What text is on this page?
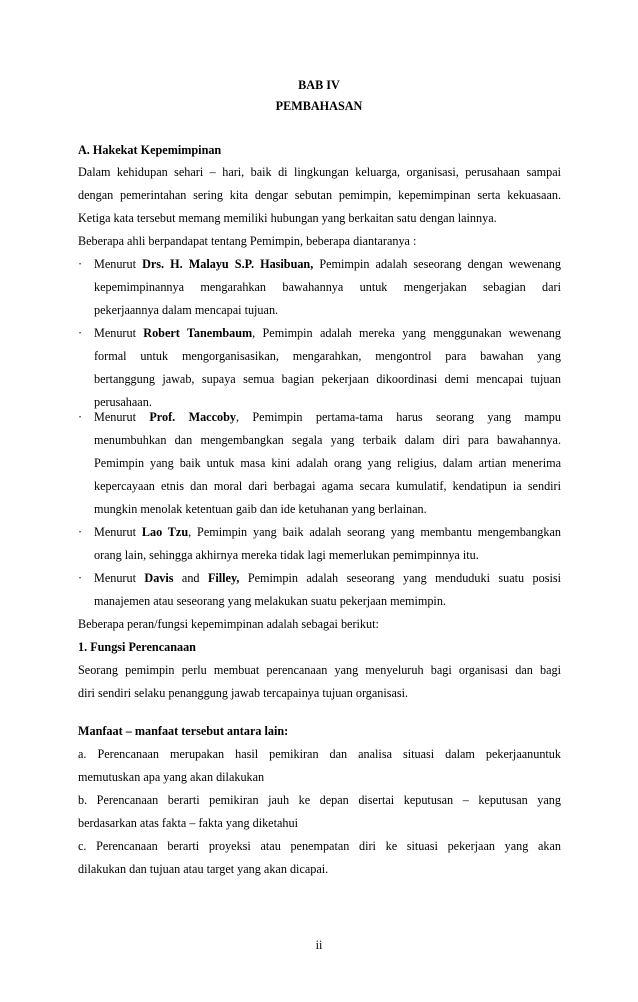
BAB IV
PEMBAHASAN
A. Hakekat Kepemimpinan
Dalam kehidupan sehari – hari, baik di lingkungan keluarga, organisasi, perusahaan sampai
dengan pemerintahan sering kita dengar sebutan pemimpin, kepemimpinan serta kekuasaan.
Ketiga kata tersebut memang memiliki hubungan yang berkaitan satu dengan lainnya.
Beberapa ahli berpandapat tentang Pemimpin, beberapa diantaranya :
· Menurut Drs. H. Malayu S.P. Hasibuan, Pemimpin adalah seseorang dengan wewenang
kepemimpinannya mengarahkan bawahannya untuk mengerjakan sebagian dari
pekerjaannya dalam mencapai tujuan.
· Menurut Robert Tanembaum, Pemimpin adalah mereka yang menggunakan wewenang
formal untuk mengorganisasikan, mengarahkan, mengontrol para bawahan yang
bertanggung jawab, supaya semua bagian pekerjaan dikoordinasi demi mencapai tujuan
perusahaan.
· Menurut Prof. Maccoby, Pemimpin pertama-tama harus seorang yang mampu
menumbuhkan dan mengembangkan segala yang terbaik dalam diri para bawahannya.
Pemimpin yang baik untuk masa kini adalah orang yang religius, dalam artian menerima
kepercayaan etnis dan moral dari berbagai agama secara kumulatif, kendatipun ia sendiri
mungkin menolak ketentuan gaib dan ide ketuhanan yang berlainan.
· Menurut Lao Tzu, Pemimpin yang baik adalah seorang yang membantu mengembangkan
orang lain, sehingga akhirnya mereka tidak lagi memerlukan pemimpinnya itu.
· Menurut Davis and Filley, Pemimpin adalah seseorang yang menduduki suatu posisi
manajemen atau seseorang yang melakukan suatu pekerjaan memimpin.
Beberapa peran/fungsi kepemimpinan adalah sebagai berikut:
1. Fungsi Perencanaan
Seorang pemimpin perlu membuat perencanaan yang menyeluruh bagi organisasi dan bagi
diri sendiri selaku penanggung jawab tercapainya tujuan organisasi.
Manfaat – manfaat tersebut antara lain:
a. Perencanaan merupakan hasil pemikiran dan analisa situasi dalam pekerjaanuntuk
memutuskan apa yang akan dilakukan
b. Perencanaan berarti pemikiran jauh ke depan disertai keputusan – keputusan yang
berdasarkan atas fakta – fakta yang diketahui
c. Perencanaan berarti proyeksi atau penempatan diri ke situasi pekerjaan yang akan
dilakukan dan tujuan atau target yang akan dicapai.
ii
